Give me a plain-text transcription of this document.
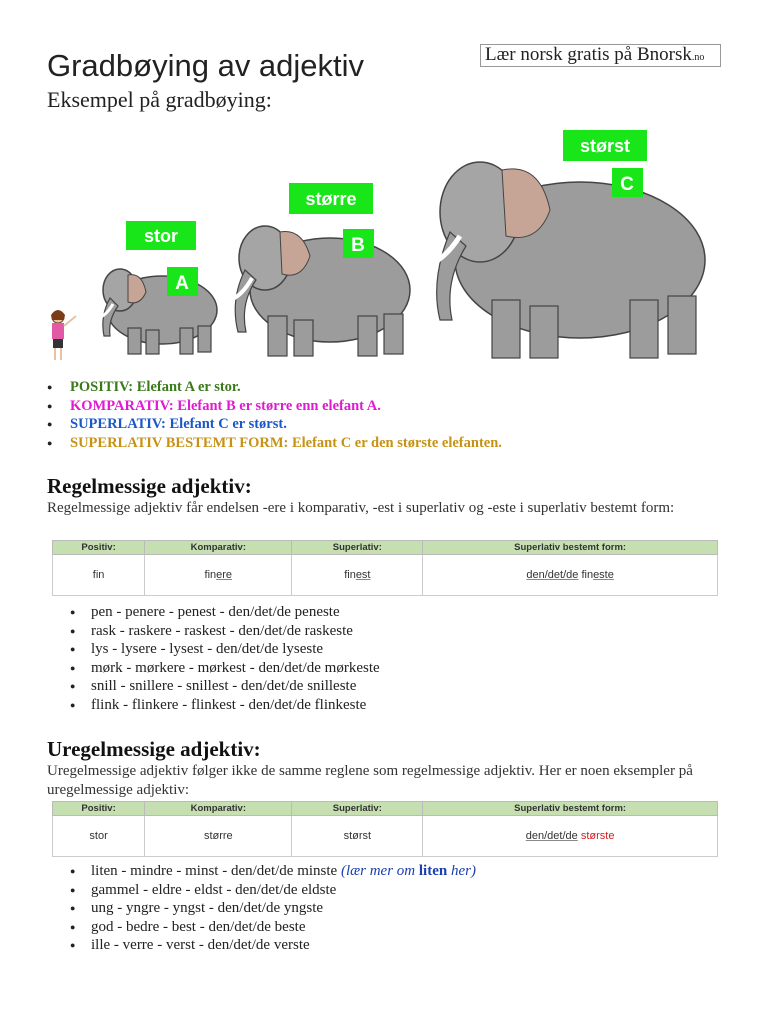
Gradbøying av adjektiv
Eksempel på gradbøying:
Lær norsk gratis på Bnorsk.no
stor
A
større
B
størst
C
● POSITIV: Elefant A er stor.
● KOMPARATIV: Elefant B er større enn elefant A.
● SUPERLATIV: Elefant C er størst.
● SUPERLATIV BESTEMT FORM: Elefant C er den største elefanten.
Regelmessige adjektiv:

Regelmessige adjektiv får endelsen -ere i komparativ, -est i superlativ og -este i superlativ bestemt form:

Positiv:	Komparativ:	Superlativ:	Superlativ bestemt form:
fin	finere	finest	den/det/de fineste
● pen - penere - penest - den/det/de peneste
● rask - raskere - raskest - den/det/de raskeste
● lys - lysere - lysest - den/det/de lyseste
● mørk - mørkere - mørkest - den/det/de mørkeste
● snill - snillere - snillest - den/det/de snilleste
● flink - flinkere - flinkest - den/det/de flinkeste
Uregelmessige adjektiv:

Uregelmessige adjektiv følger ikke de samme reglene som regelmessige adjektiv. Her er noen eksempler på uregelmessige adjektiv:

Positiv:	Komparativ:	Superlativ:	Superlativ bestemt form:
stor	større	størst	den/det/de største
● liten - mindre - minst - den/det/de minste (lær mer om liten her)
● gammel - eldre - eldst - den/det/de eldste
● ung - yngre - yngst - den/det/de yngste
● god - bedre - best - den/det/de beste
● ille - verre - verst - den/det/de verste
